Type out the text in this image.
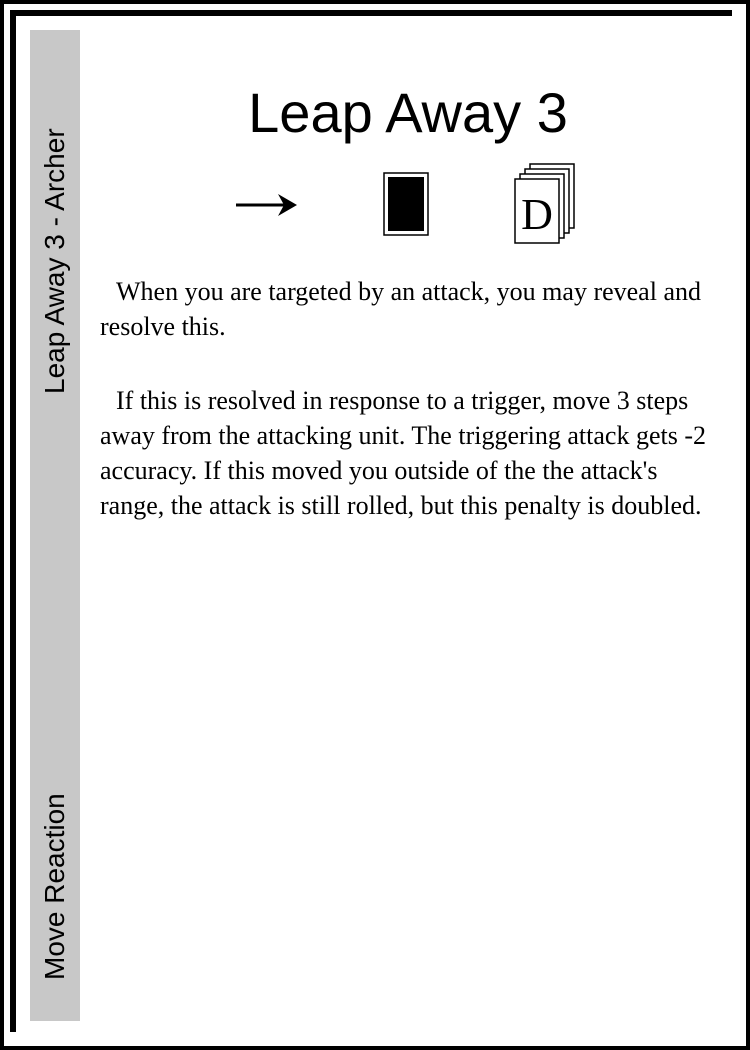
Leap Away 3 - Archer
Move Reaction
Leap Away 3
D

When you are targeted by an attack, you may reveal and resolve this.

If this is resolved in response to a trigger, move 3 steps away from the attacking unit. The triggering attack gets -2 accuracy. If this moved you outside of the the attack's range, the attack is still rolled, but this penalty is doubled.
